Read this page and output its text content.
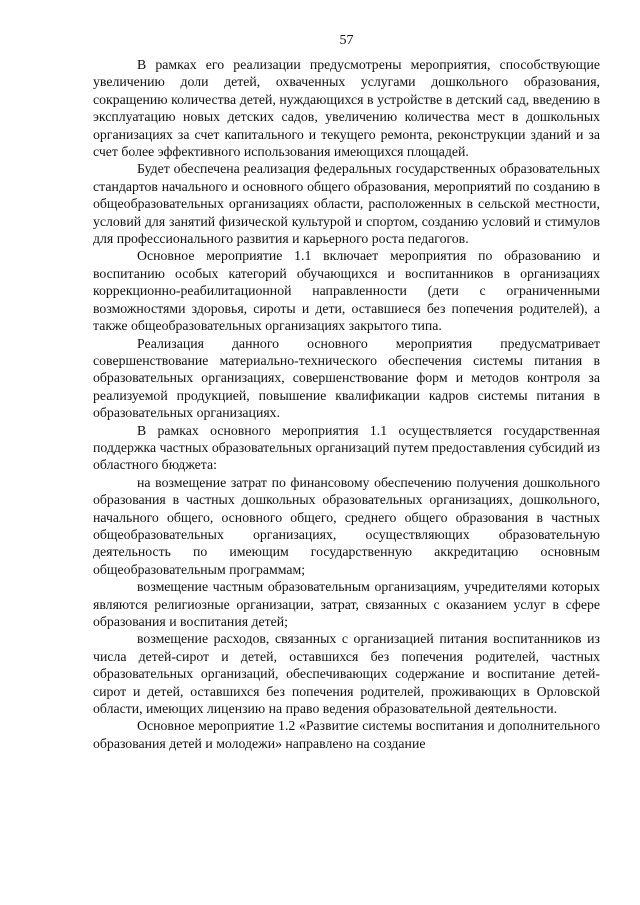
57

В рамках его реализации предусмотрены мероприятия, способствующие увеличению доли детей, охваченных услугами дошкольного образования, сокращению количества детей, нуждающихся в устройстве в детский сад, введению в эксплуатацию новых детских садов, увеличению количества мест в дошкольных организациях за счет капитального и текущего ремонта, реконструкции зданий и за счет более эффективного использования имеющихся площадей.

Будет обеспечена реализация федеральных государственных образовательных стандартов начального и основного общего образования, мероприятий по созданию в общеобразовательных организациях области, расположенных в сельской местности, условий для занятий физической культурой и спортом, созданию условий и стимулов для профессионального развития и карьерного роста педагогов.

Основное мероприятие 1.1 включает мероприятия по образованию и воспитанию особых категорий обучающихся и воспитанников в организациях коррекционно-реабилитационной направленности (дети с ограниченными возможностями здоровья, сироты и дети, оставшиеся без попечения родителей), а также общеобразовательных организациях закрытого типа.

Реализация данного основного мероприятия предусматривает совершенствование материально-технического обеспечения системы питания в образовательных организациях, совершенствование форм и методов контроля за реализуемой продукцией, повышение квалификации кадров системы питания в образовательных организациях.

В рамках основного мероприятия 1.1 осуществляется государственная поддержка частных образовательных организаций путем предоставления субсидий из областного бюджета:

на возмещение затрат по финансовому обеспечению получения дошкольного образования в частных дошкольных образовательных организациях, дошкольного, начального общего, основного общего, среднего общего образования в частных общеобразовательных организациях, осуществляющих образовательную деятельность по имеющим государственную аккредитацию основным общеобразовательным программам;

возмещение частным образовательным организациям, учредителями которых являются религиозные организации, затрат, связанных с оказанием услуг в сфере образования и воспитания детей;

возмещение расходов, связанных с организацией питания воспитанников из числа детей-сирот и детей, оставшихся без попечения родителей, частных образовательных организаций, обеспечивающих содержание и воспитание детей-сирот и детей, оставшихся без попечения родителей, проживающих в Орловской области, имеющих лицензию на право ведения образовательной деятельности.

Основное мероприятие 1.2 «Развитие системы воспитания и дополнительного образования детей и молодежи» направлено на создание
